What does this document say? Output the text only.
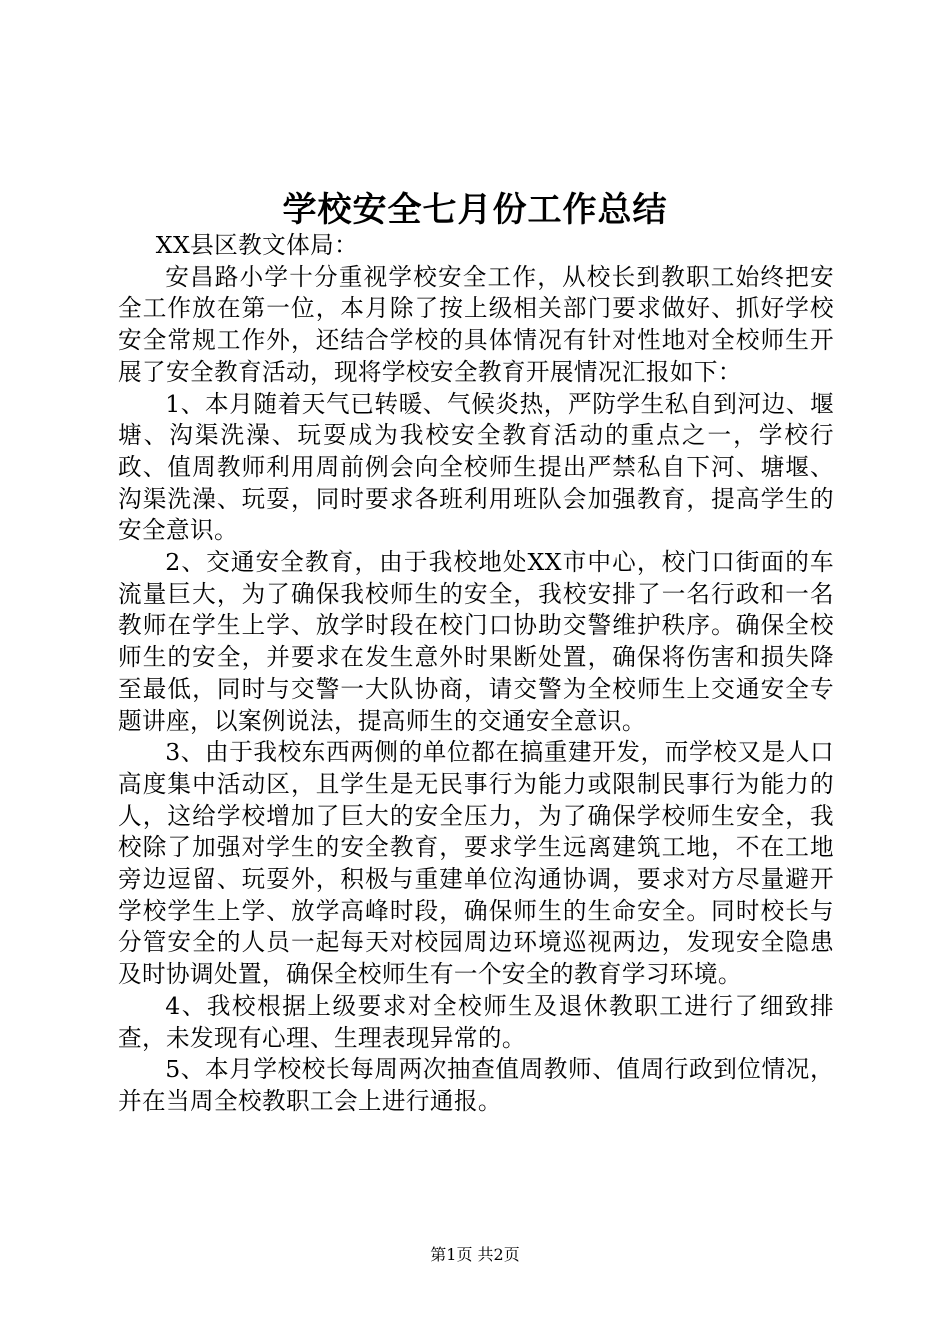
学校安全七月份工作总结

XX县区教文体局：

安昌路小学十分重视学校安全工作，从校长到教职工始终把安全工作放在第一位，本月除了按上级相关部门要求做好、抓好学校安全常规工作外，还结合学校的具体情况有针对性地对全校师生开展了安全教育活动，现将学校安全教育开展情况汇报如下：

1、本月随着天气已转暖、气候炎热，严防学生私自到河边、堰塘、沟渠洗澡、玩耍成为我校安全教育活动的重点之一，学校行政、值周教师利用周前例会向全校师生提出严禁私自下河、塘堰、沟渠洗澡、玩耍，同时要求各班利用班队会加强教育，提高学生的安全意识。

2、交通安全教育，由于我校地处XX市中心，校门口街面的车流量巨大，为了确保我校师生的安全，我校安排了一名行政和一名教师在学生上学、放学时段在校门口协助交警维护秩序。确保全校师生的安全，并要求在发生意外时果断处置，确保将伤害和损失降至最低，同时与交警一大队协商，请交警为全校师生上交通安全专题讲座，以案例说法，提高师生的交通安全意识。

3、由于我校东西两侧的单位都在搞重建开发，而学校又是人口高度集中活动区，且学生是无民事行为能力或限制民事行为能力的人，这给学校增加了巨大的安全压力，为了确保学校师生安全，我校除了加强对学生的安全教育，要求学生远离建筑工地，不在工地旁边逗留、玩耍外，积极与重建单位沟通协调，要求对方尽量避开学校学生上学、放学高峰时段，确保师生的生命安全。同时校长与分管安全的人员一起每天对校园周边环境巡视两边，发现安全隐患及时协调处置，确保全校师生有一个安全的教育学习环境。

4、我校根据上级要求对全校师生及退休教职工进行了细致排查，未发现有心理、生理表现异常的。

5、本月学校校长每周两次抽查值周教师、值周行政到位情况，并在当周全校教职工会上进行通报。

第1页 共2页
